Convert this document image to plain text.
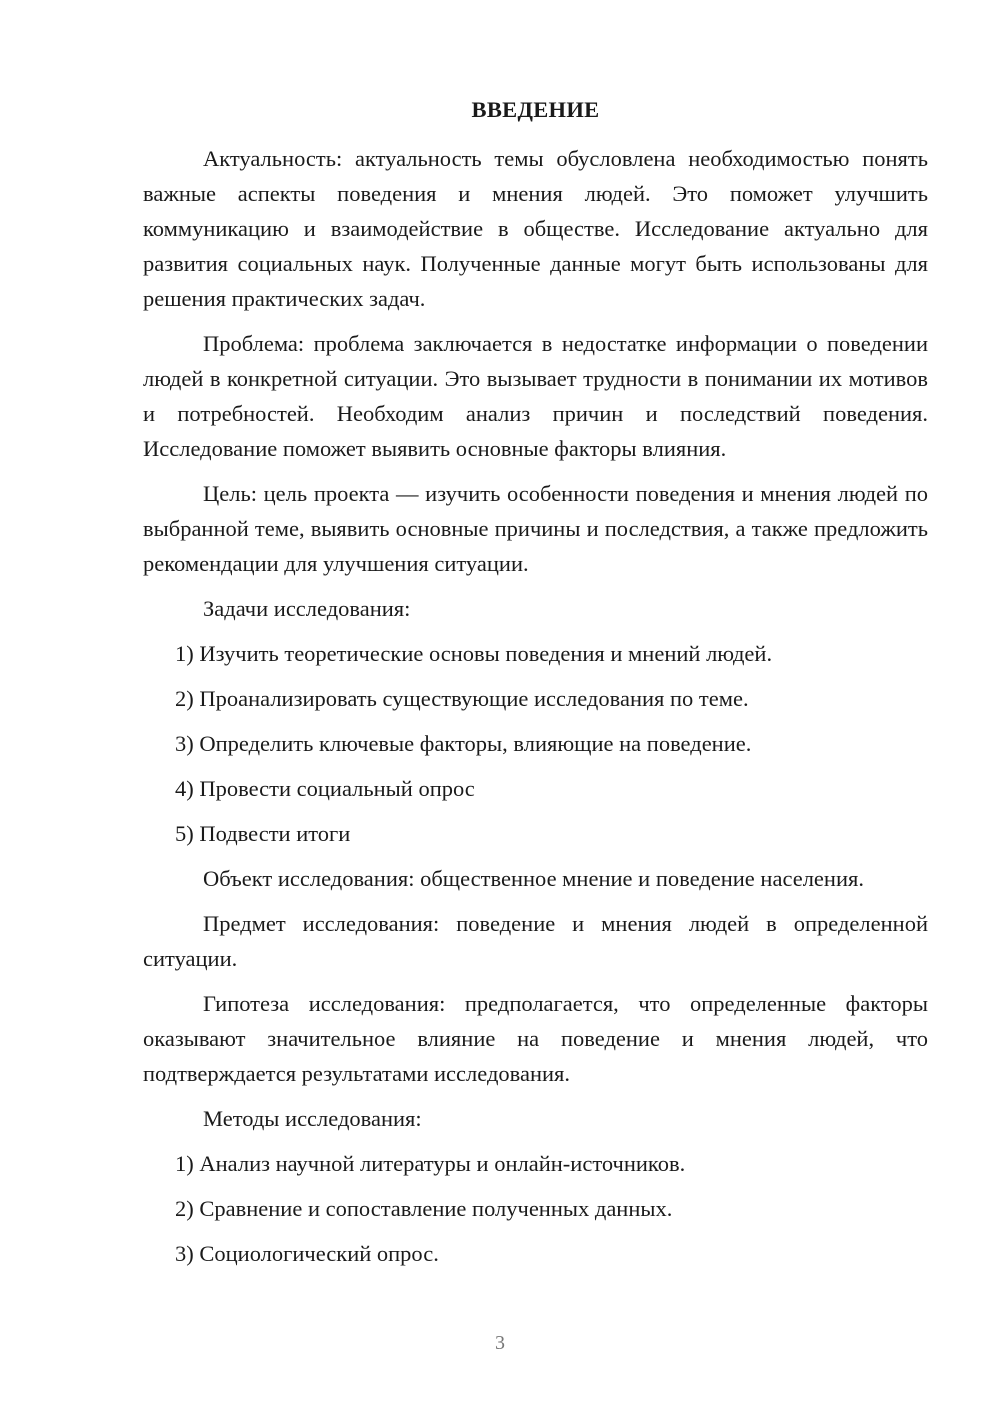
ВВЕДЕНИЕ

Актуальность: актуальность темы обусловлена необходимостью понять важные аспекты поведения и мнения людей. Это поможет улучшить коммуникацию и взаимодействие в обществе. Исследование актуально для развития социальных наук. Полученные данные могут быть использованы для решения практических задач.

Проблема: проблема заключается в недостатке информации о поведении людей в конкретной ситуации. Это вызывает трудности в понимании их мотивов и потребностей. Необходим анализ причин и последствий поведения. Исследование поможет выявить основные факторы влияния.

Цель: цель проекта — изучить особенности поведения и мнения людей по выбранной теме, выявить основные причины и последствия, а также предложить рекомендации для улучшения ситуации.

Задачи исследования:

1) Изучить теоретические основы поведения и мнений людей.
2) Проанализировать существующие исследования по теме.
3) Определить ключевые факторы, влияющие на поведение.
4) Провести социальный опрос
5) Подвести итоги

Объект исследования: общественное мнение и поведение населения.

Предмет исследования: поведение и мнения людей в определенной ситуации.

Гипотеза исследования: предполагается, что определенные факторы оказывают значительное влияние на поведение и мнения людей, что подтверждается результатами исследования.

Методы исследования:

1) Анализ научной литературы и онлайн-источников.
2) Сравнение и сопоставление полученных данных.
3) Социологический опрос.
3
